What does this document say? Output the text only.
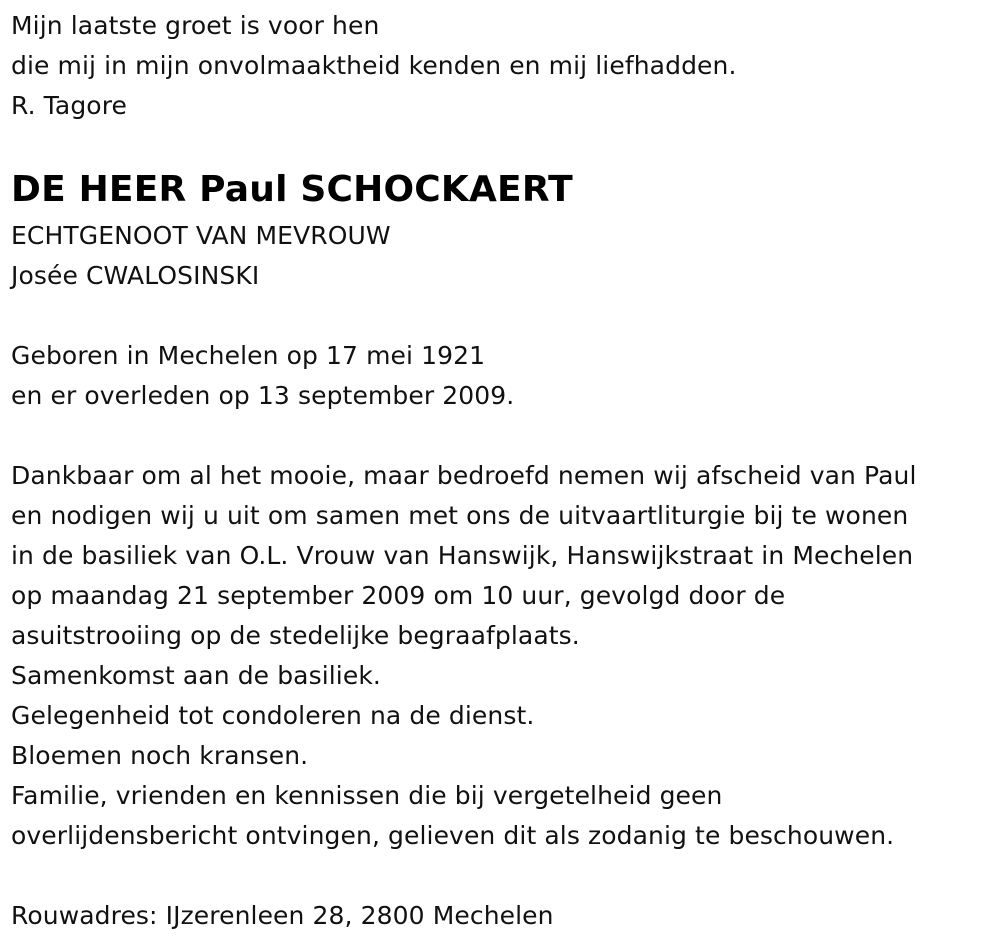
Mijn laatste groet is voor hen
die mij in mijn onvolmaaktheid kenden en mij liefhadden.
R. Tagore
DE HEER Paul SCHOCKAERT
ECHTGENOOT VAN MEVROUW
Josée CWALOSINSKI
Geboren in Mechelen op 17 mei 1921
en er overleden op 13 september 2009.
Dankbaar om al het mooie, maar bedroefd nemen wij afscheid van Paul
en nodigen wij u uit om samen met ons de uitvaartliturgie bij te wonen
in de basiliek van O.L. Vrouw van Hanswijk, Hanswijkstraat in Mechelen
op maandag 21 september 2009 om 10 uur, gevolgd door de
asuitstrooiing op de stedelijke begraafplaats.
Samenkomst aan de basiliek.
Gelegenheid tot condoleren na de dienst.
Bloemen noch kransen.
Familie, vrienden en kennissen die bij vergetelheid geen
overlijdensbericht ontvingen, gelieven dit als zodanig te beschouwen.
Rouwadres: IJzerenleen 28, 2800 Mechelen
